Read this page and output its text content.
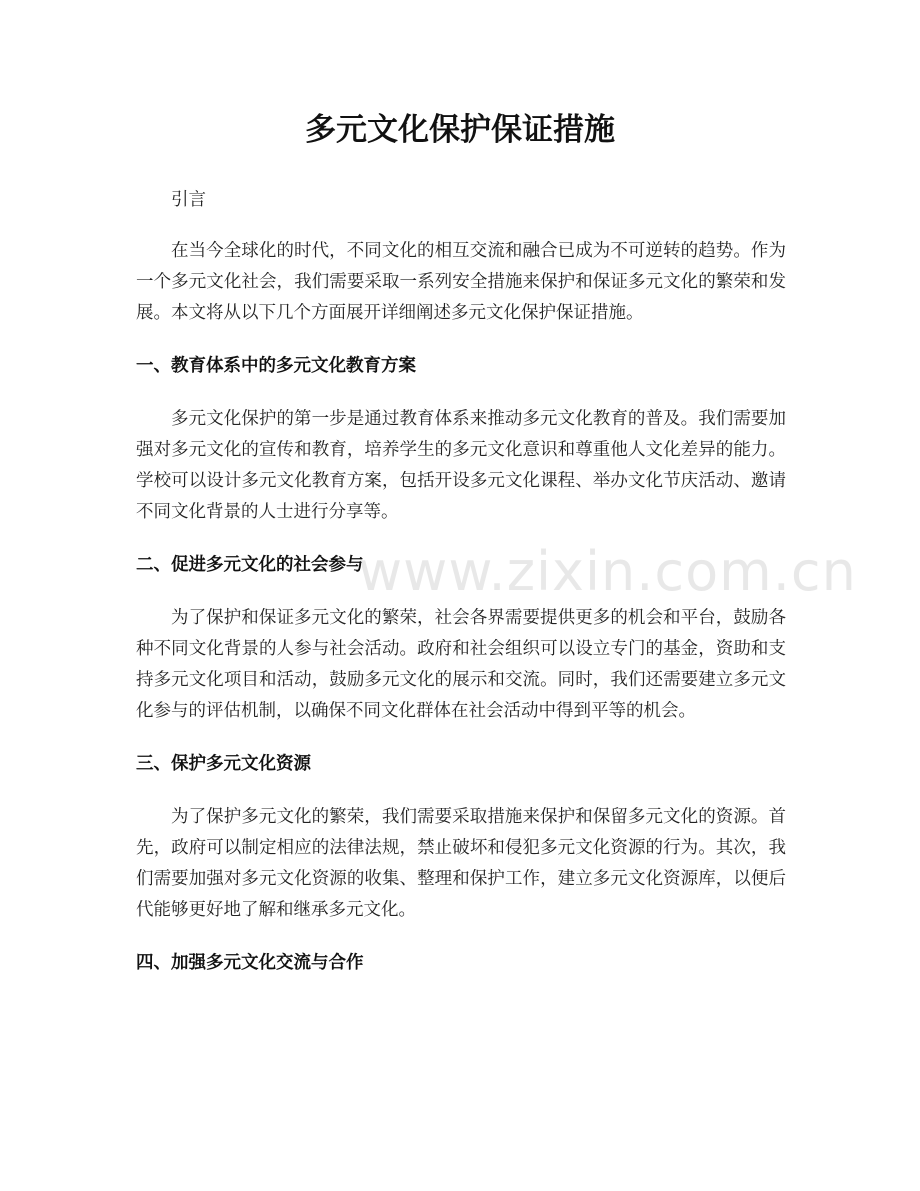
多元文化保护保证措施

引言

在当今全球化的时代，不同文化的相互交流和融合已成为不可逆转的趋势。作为一个多元文化社会，我们需要采取一系列安全措施来保护和保证多元文化的繁荣和发展。本文将从以下几个方面展开详细阐述多元文化保护保证措施。

一、教育体系中的多元文化教育方案

多元文化保护的第一步是通过教育体系来推动多元文化教育的普及。我们需要加强对多元文化的宣传和教育，培养学生的多元文化意识和尊重他人文化差异的能力。学校可以设计多元文化教育方案，包括开设多元文化课程、举办文化节庆活动、邀请不同文化背景的人士进行分享等。

二、促进多元文化的社会参与

为了保护和保证多元文化的繁荣，社会各界需要提供更多的机会和平台，鼓励各种不同文化背景的人参与社会活动。政府和社会组织可以设立专门的基金，资助和支持多元文化项目和活动，鼓励多元文化的展示和交流。同时，我们还需要建立多元文化参与的评估机制，以确保不同文化群体在社会活动中得到平等的机会。

三、保护多元文化资源

为了保护多元文化的繁荣，我们需要采取措施来保护和保留多元文化的资源。首先，政府可以制定相应的法律法规，禁止破坏和侵犯多元文化资源的行为。其次，我们需要加强对多元文化资源的收集、整理和保护工作，建立多元文化资源库，以便后代能够更好地了解和继承多元文化。

四、加强多元文化交流与合作
www.zixin.com.cn
